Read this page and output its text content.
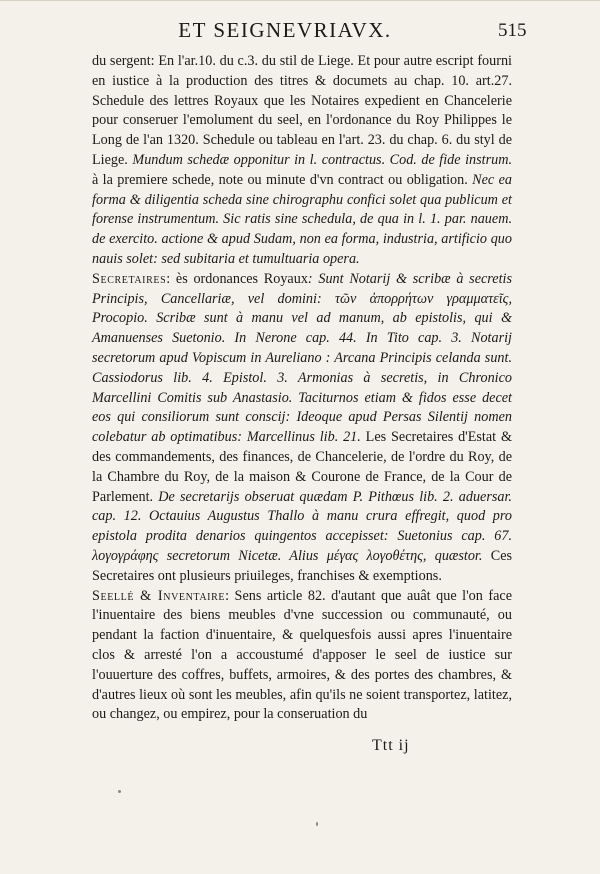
ET SEIGNEVRIAVX.	515

du sergent: En l'ar.10. du c.3. du stil de Liege. Et pour autre escript fourni en iustice à la production des titres & documets au chap. 10. art.27. Schedule des lettres Royaux que les Notaires expedient en Chancelerie pour conseruer l'emolument du seel, en l'ordonance du Roy Philippes le Long de l'an 1320. Schedule ou tableau en l'art. 23. du chap. 6. du styl de Liege. Mundum schedæ opponitur in l. contractus. Cod. de fide instrum. à la premiere schede, note ou minute d'vn contract ou obligation. Nec ea forma & diligentia scheda sine chirographu confici solet qua publicum et forense instrumentum. Sic ratis sine schedula, de qua in l. 1. par. nauem. de exercito. actione & apud Sudam, non ea forma, industria, artificio quo nauis solet: sed subitaria et tumultuaria opera.

Secretaires: ès ordonances Royaux: Sunt Notarij & scribæ à secretis Principis, Cancellariæ, vel domini: τῶν ἀπορρήτων γραμματεῖς, Procopio. Scribæ sunt à manu vel ad manum, ab epistolis, qui & Amanuenses Suetonio. In Nerone cap. 44. In Tito cap. 3. Notarij secretorum apud Vopiscum in Aureliano : Arcana Principis celanda sunt. Cassiodorus lib. 4. Epistol. 3. Armonias à secretis, in Chronico Marcellini Comitis sub Anastasio. Taciturnos etiam & fidos esse decet eos qui consiliorum sunt conscij: Ideoque apud Persas Silentij nomen colebatur ab optimatibus: Marcellinus lib. 21. Les Secretaires d'Estat & des commandements, des finances, de Chancelerie, de l'ordre du Roy, de la Chambre du Roy, de la maison & Courone de France, de la Cour de Parlement. De secretarijs obseruat quædam P. Pithœus lib. 2. aduersar. cap. 12. Octauius Augustus Thallo à manu crura effregit, quod pro epistola prodita denarios quingentos accepisset: Suetonius cap. 67. λογογράφης secretorum Nicetæ. Alius μέγας λογοθέτης, quæstor. Ces Secretaires ont plusieurs priuileges, franchises & exemptions.

Seellé & Inventaire: Sens article 82. d'autant que auât que l'on face l'inuentaire des biens meubles d'vne succession ou communauté, ou pendant la faction d'inuentaire, & quelquesfois aussi apres l'inuentaire clos & arresté l'on a accoustumé d'apposer le seel de iustice sur l'ouuerture des coffres, buffets, armoires, & des portes des chambres, & d'autres lieux où sont les meubles, afin qu'ils ne soient transportez, latitez, ou changez, ou empirez, pour la conseruation du

Ttt ij
